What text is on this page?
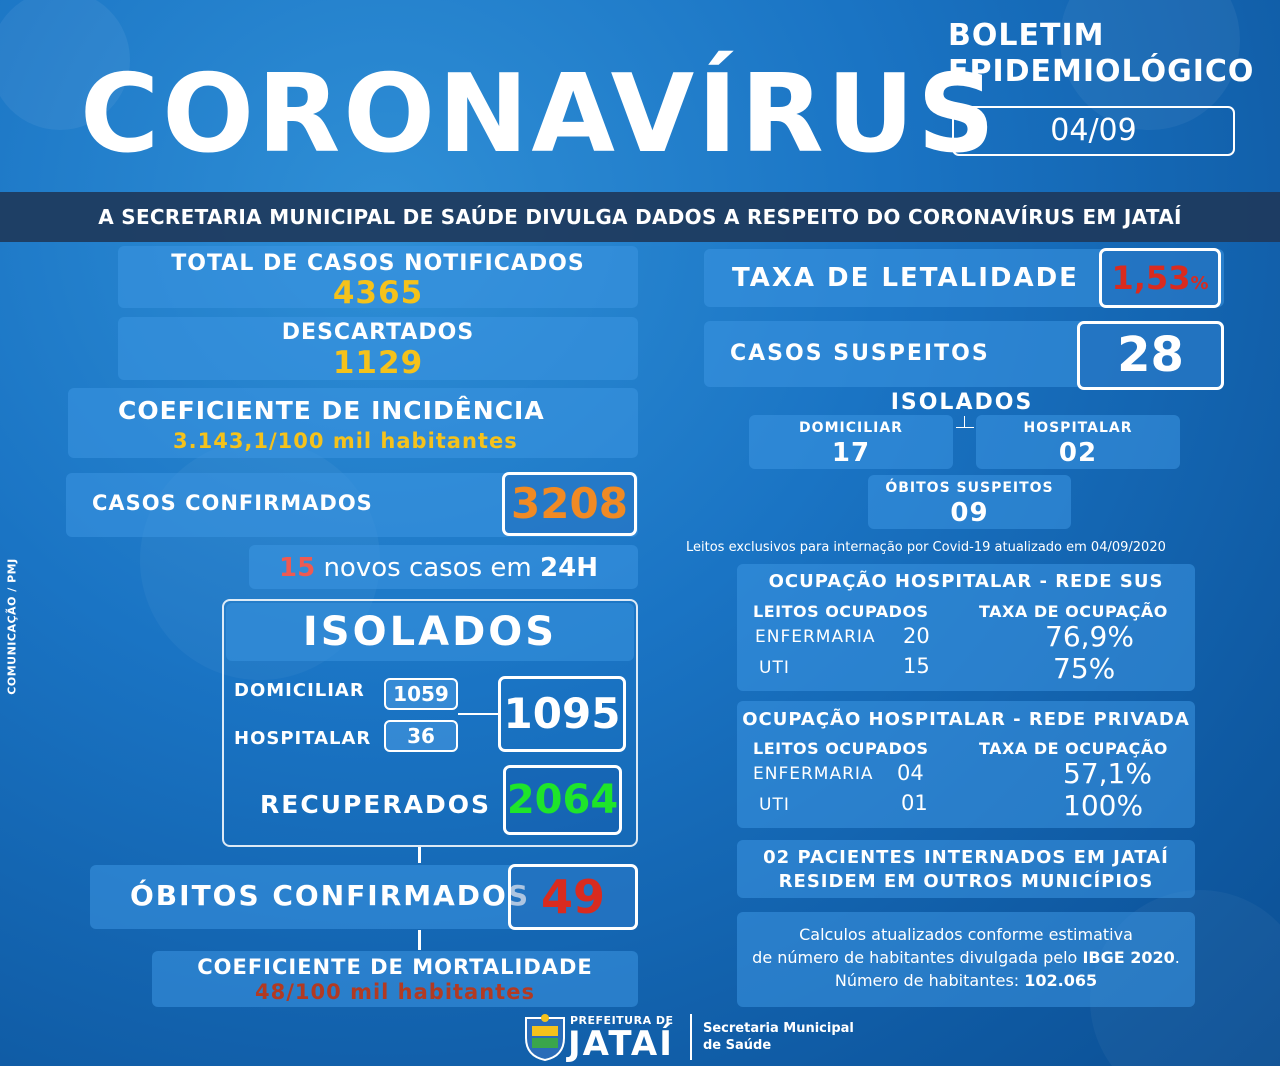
CORONAVÍRUS
BOLETIM
EPIDEMIOLÓGICO
04/09
A SECRETARIA MUNICIPAL DE SAÚDE DIVULGA DADOS A RESPEITO DO CORONAVÍRUS EM JATAÍ
TOTAL DE CASOS NOTIFICADOS
4365
DESCARTADOS
1129
COEFICIENTE DE INCIDÊNCIA
3.143,1/100 mil habitantes
CASOS CONFIRMADOS	3208
15 novos casos em 24H
ISOLADOS
DOMICILIAR
HOSPITALAR
1059
36	1095
RECUPERADOS 2064
ÓBITOS CONFIRMADOS 49
COEFICIENTE DE MORTALIDADE
48/100 mil habitantes
COMUNICAÇÃO / PMJ
TAXA DE LETALIDADE	1,53%
CASOS SUSPEITOS	28
ISOLADOS
DOMICILIAR
17
HOSPITALAR
02
ÓBITOS SUSPEITOS
09
Leitos exclusivos para internação por Covid-19 atualizado em 04/09/2020
OCUPAÇÃO HOSPITALAR - REDE SUS
LEITOS OCUPADOS	TAXA DE OCUPAÇÃO
ENFERMARIA 20	76,9%
UTI	15	75%
OCUPAÇÃO HOSPITALAR - REDE PRIVADA
LEITOS OCUPADOS	TAXA DE OCUPAÇÃO
ENFERMARIA 04	57,1%
UTI	01	100%
02 PACIENTES INTERNADOS EM JATAÍ
RESIDEM EM OUTROS MUNICÍPIOS
Calculos atualizados conforme estimativa
de número de habitantes divulgada pelo IBGE 2020.
Número de habitantes: 102.065
PREFEITURA DE
JATAÍ Secretaria Municipal
de Saúde
